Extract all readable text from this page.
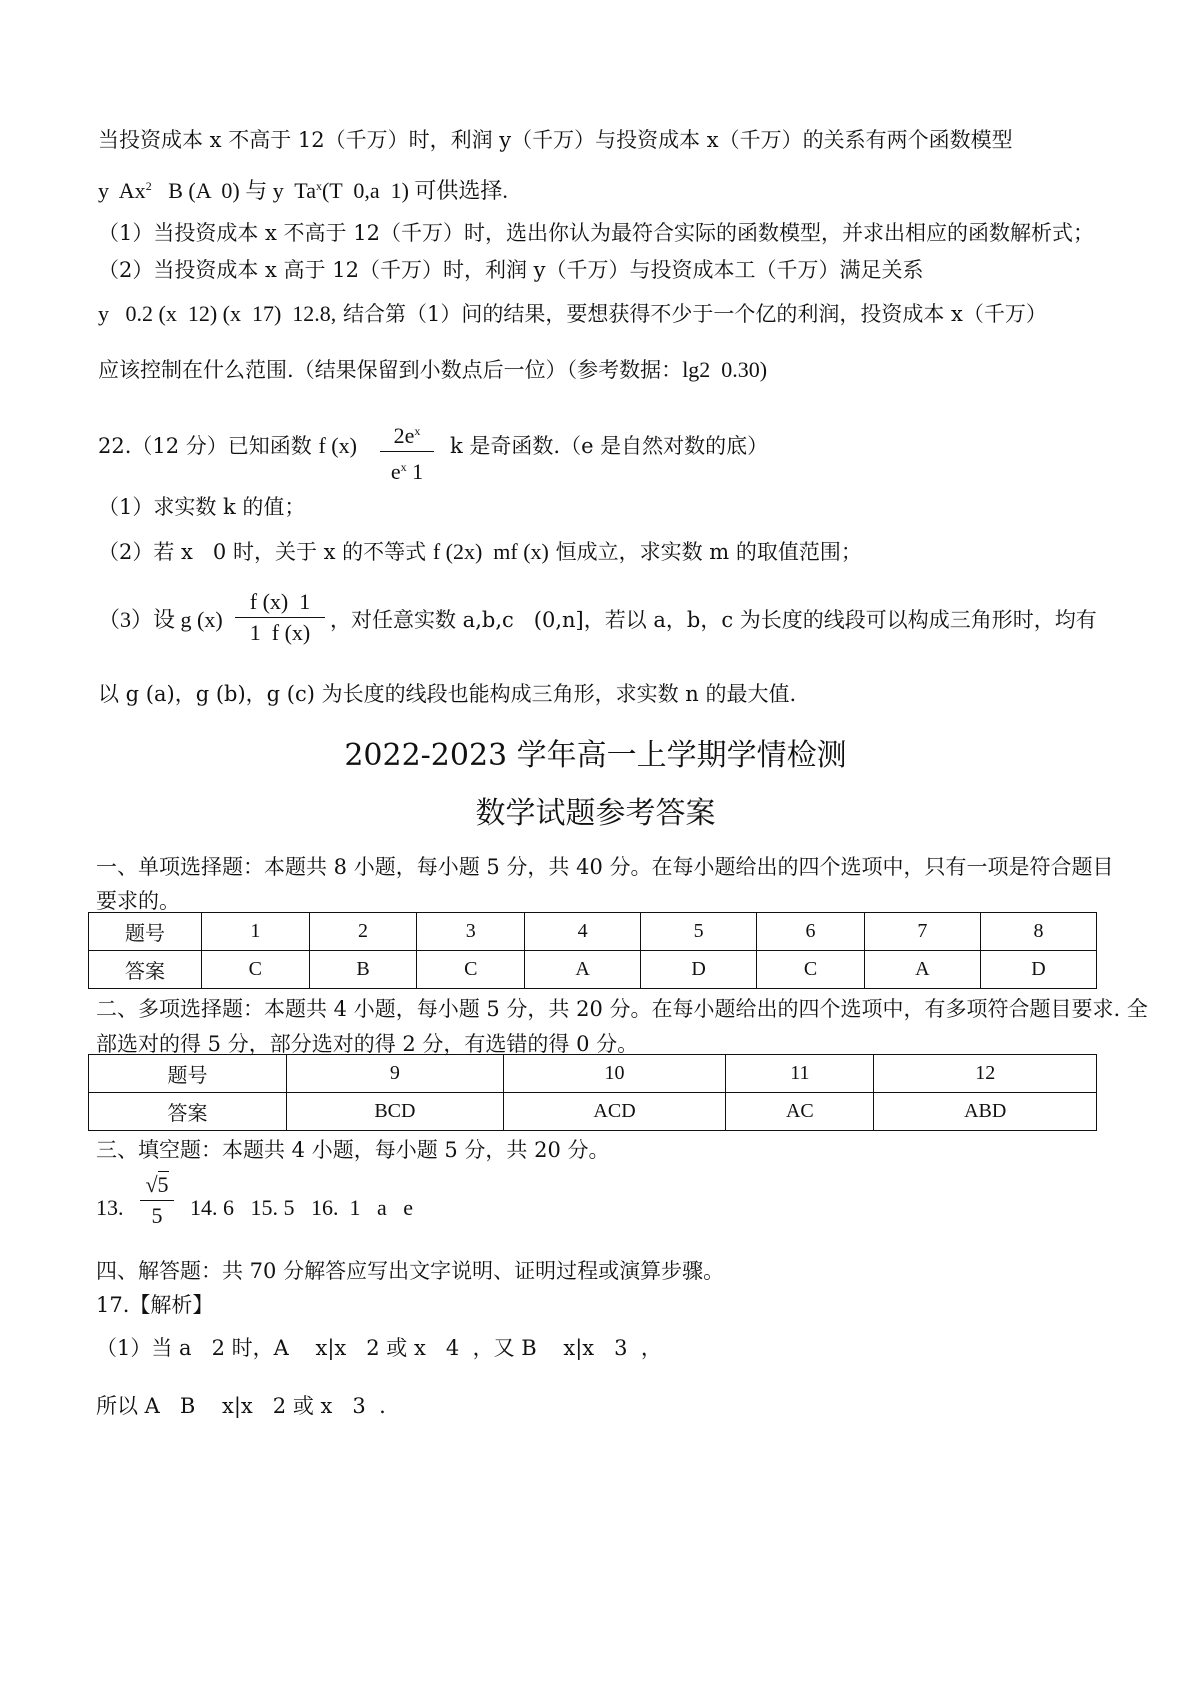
当投资成本 x 不高于 12（千万）时，利润 y（千万）与投资成本 x（千万）的关系有两个函数模型
y  Ax$^2$ B (A  0) 与 y  Ta$^x$(T  0,a  1) 可供选择.
（1）当投资成本 x 不高于 12（千万）时，选出你认为最符合实际的函数模型，并求出相应的函数解析式；
（2）当投资成本 x 高于 12（千万）时，利润 y（千万）与投资成本工（千万）满足关系
y   0.2 (x  12) (x  17)  12.8, 结合第（1）问的结果，要想获得不少于一个亿的利润，投资成本 x（千万）
应该控制在什么范围.（结果保留到小数点后一位）（参考数据：lg2  0.30)
22.（12 分）已知函数 f (x)	$2e^x$
$e^x$ 1
k 是奇函数.（e 是自然对数的底）
（1）求实数 k 的值；
（2）若 x   0 时，关于 x 的不等式 f (2x)  mf (x) 恒成立，求实数 m 的取值范围；
（3）设 g (x)
f (x)  1
1  f (x) ，对任意实数 a,b,c   (0,n]，若以 a，b，c 为长度的线段可以构成三角形时，均有
以 g (a)，g (b)，g (c) 为长度的线段也能构成三角形，求实数 n 的最大值.
2022-2023 学年高一上学期学情检测
数学试题参考答案
一、单项选择题：本题共 8 小题，每小题 5 分，共 40 分。在每小题给出的四个选项中，只有一项是符合题目
要求的。
题号	1	2	3	4	5	6	7	8
答案	C	B	C	A	D	C	A	D
二、多项选择题：本题共 4 小题，每小题 5 分，共 20 分。在每小题给出的四个选项中，有多项符合题目要求. 全
部选对的得 5 分，部分选对的得 2 分，有选错的得 0 分。
题号	9	10	11	12
答案	BCD	ACD	AC	ABD
三、填空题：本题共 4 小题，每小题 5 分，共 20 分。
13.
√5
5	14. 6   15. 5   16.  1   a   e
四、解答题：共 70 分解答应写出文字说明、证明过程或演算步骤。
17.【解析】
（1）当 a   2 时，A    x|x   2 或 x   4  ，又 B    x|x   3  ，
所以 A   B    x|x   2 或 x   3  .
